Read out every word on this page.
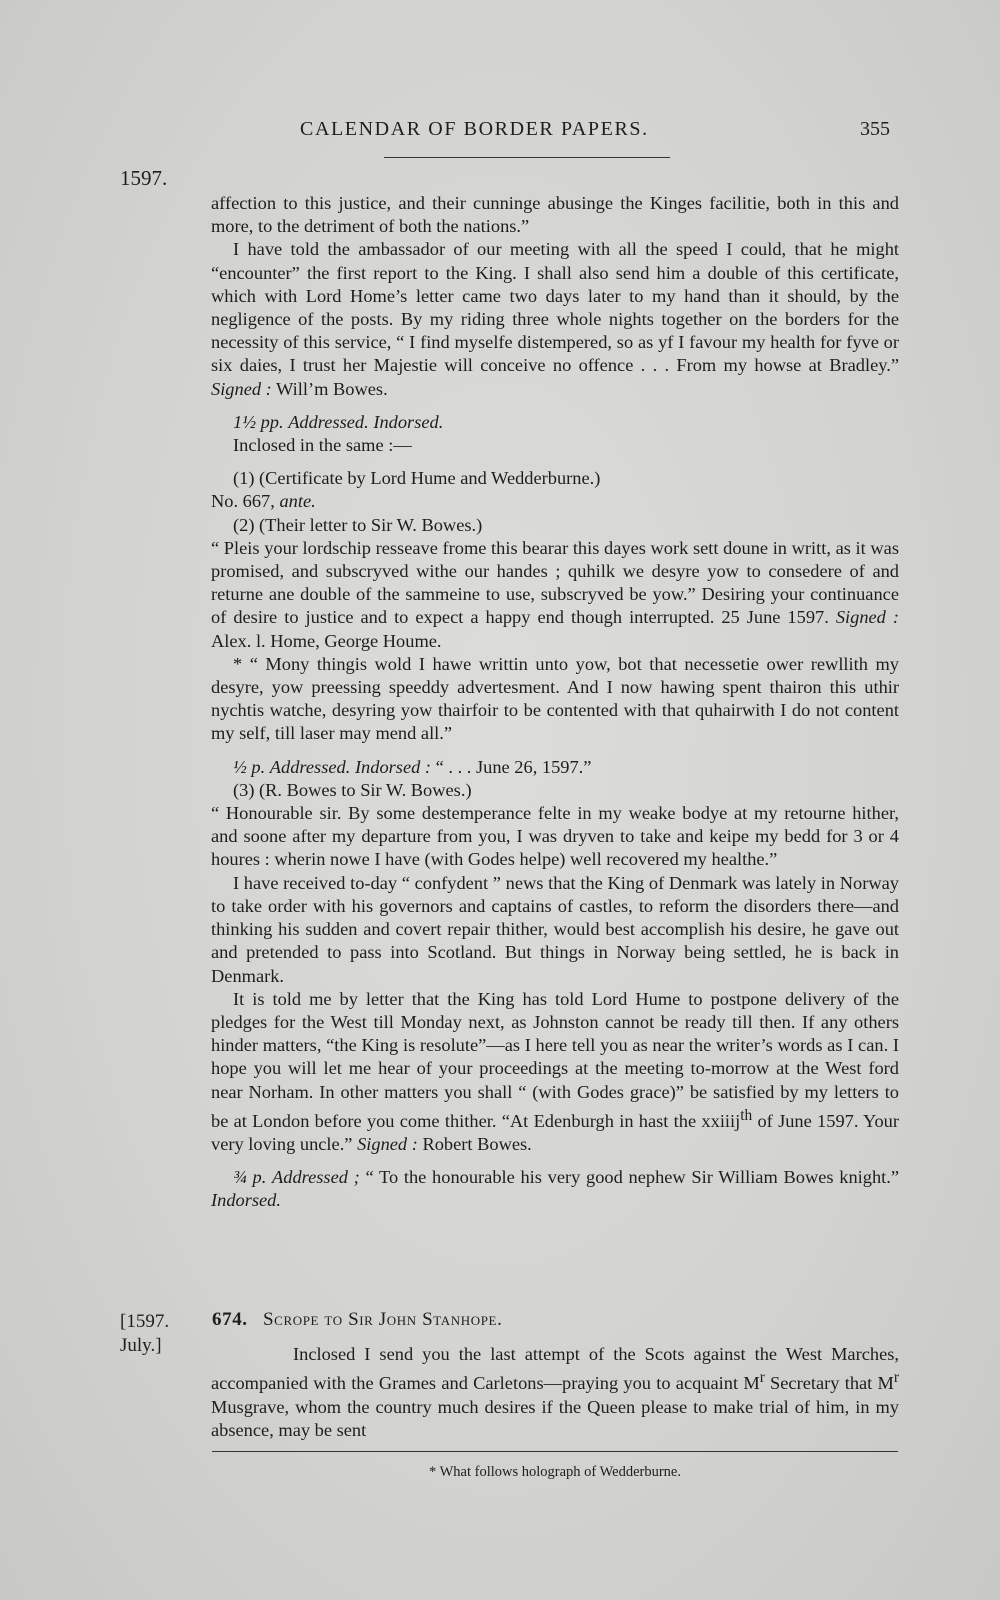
CALENDAR OF BORDER PAPERS.	355
1597.

affection to this justice, and their cunninge abusinge the Kinges facilitie, both in this and more, to the detriment of both the nations.”

I have told the ambassador of our meeting with all the speed I could, that he might “encounter” the first report to the King. I shall also send him a double of this certificate, which with Lord Home’s letter came two days later to my hand than it should, by the negligence of the posts. By my riding three whole nights together on the borders for the necessity of this service, “ I find myselfe distempered, so as yf I favour my health for fyve or six daies, I trust her Majestie will conceive no offence . . . From my howse at Bradley.” Signed : Will’m Bowes.

1½ pp. Addressed. Indorsed.

Inclosed in the same :—

(1) (Certificate by Lord Hume and Wedderburne.)

No. 667, ante.

(2) (Their letter to Sir W. Bowes.)

“ Pleis your lordschip resseave frome this bearar this dayes work sett doune in writt, as it was promised, and subscryved withe our handes ; quhilk we desyre yow to consedere of and returne ane double of the sammeine to use, subscryved be yow.” Desiring your continuance of desire to justice and to expect a happy end though interrupted. 25 June 1597. Signed : Alex. l. Home, George Houme.

* “ Mony thingis wold I hawe writtin unto yow, bot that necessetie ower rewllith my desyre, yow preessing speeddy advertesment. And I now hawing spent thairon this uthir nychtis watche, desyring yow thairfoir to be contented with that quhairwith I do not content my self, till laser may mend all.”

½ p. Addressed. Indorsed : “ . . . June 26, 1597.”

(3) (R. Bowes to Sir W. Bowes.)

“ Honourable sir. By some destemperance felte in my weake bodye at my retourne hither, and soone after my departure from you, I was dryven to take and keipe my bedd for 3 or 4 houres : wherin nowe I have (with Godes helpe) well recovered my healthe.”

I have received to-day “ confydent ” news that the King of Denmark was lately in Norway to take order with his governors and captains of castles, to reform the disorders there—and thinking his sudden and covert repair thither, would best accomplish his desire, he gave out and pretended to pass into Scotland. But things in Norway being settled, he is back in Denmark.

It is told me by letter that the King has told Lord Hume to postpone delivery of the pledges for the West till Monday next, as Johnston cannot be ready till then. If any others hinder matters, “the King is resolute”—as I here tell you as near the writer’s words as I can. I hope you will let me hear of your proceedings at the meeting to-morrow at the West ford near Norham. In other matters you shall “ (with Godes grace)” be satisfied by my letters to be at London before you come thither. “At Edenburgh in hast the xxiiij$^{th}$ of June 1597. Your very loving uncle.” Signed : Robert Bowes.

¾ p. Addressed ; “ To the honourable his very good nephew Sir William Bowes knight.” Indorsed.

[1597.
July.]
674. Scrope to Sir John Stanhope.

Inclosed I send you the last attempt of the Scots against the West Marches, accompanied with the Grames and Carletons—praying you to acquaint $M^r$ Secretary that $M^r$ Musgrave, whom the country much desires if the Queen please to make trial of him, in my absence, may be sent

* What follows holograph of Wedderburne.
